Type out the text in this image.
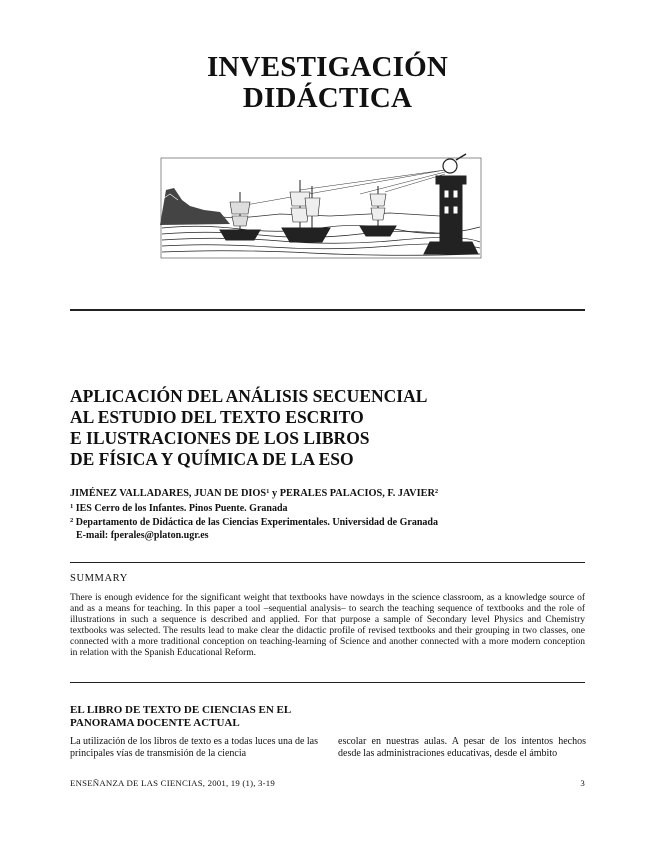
INVESTIGACIÓN
DIDÁCTICA
APLICACIÓN DEL ANÁLISIS SECUENCIAL
AL ESTUDIO DEL TEXTO ESCRITO
E ILUSTRACIONES DE LOS LIBROS
DE FÍSICA Y QUÍMICA DE LA ESO
JIMÉNEZ VALLADARES, JUAN DE DIOS$^1$ y PERALES PALACIOS, F. JAVIER$^2$
$^1$ IES Cerro de los Infantes. Pinos Puente. Granada
$^2$ Departamento de Didáctica de las Ciencias Experimentales. Universidad de Granada
E-mail: fperales@platon.ugr.es
SUMMARY
There is enough evidence for the significant weight that textbooks have nowdays in the science classroom, as a knowledge source of and as a means for teaching. In this paper a tool –sequential analysis– to search the teaching sequence of textbooks and the role of illustrations in such a sequence is described and applied. For that purpose a sample of Secondary level Physics and Chemistry textbooks was selected. The results lead to make clear the didactic profile of revised textbooks and their grouping in two classes, one connected with a more traditional conception on teaching-learning of Science and another connected with a more modern conception in relation with the Spanish Educational Reform.
EL LIBRO DE TEXTO DE CIENCIAS EN EL PANORAMA DOCENTE ACTUAL
La utilización de los libros de texto es a todas luces una de las principales vías de transmisión de la ciencia
escolar en nuestras aulas. A pesar de los intentos hechos desde las administraciones educativas, desde el ámbito
ENSEÑANZA DE LAS CIENCIAS, 2001, 19 (1), 3-19	3
